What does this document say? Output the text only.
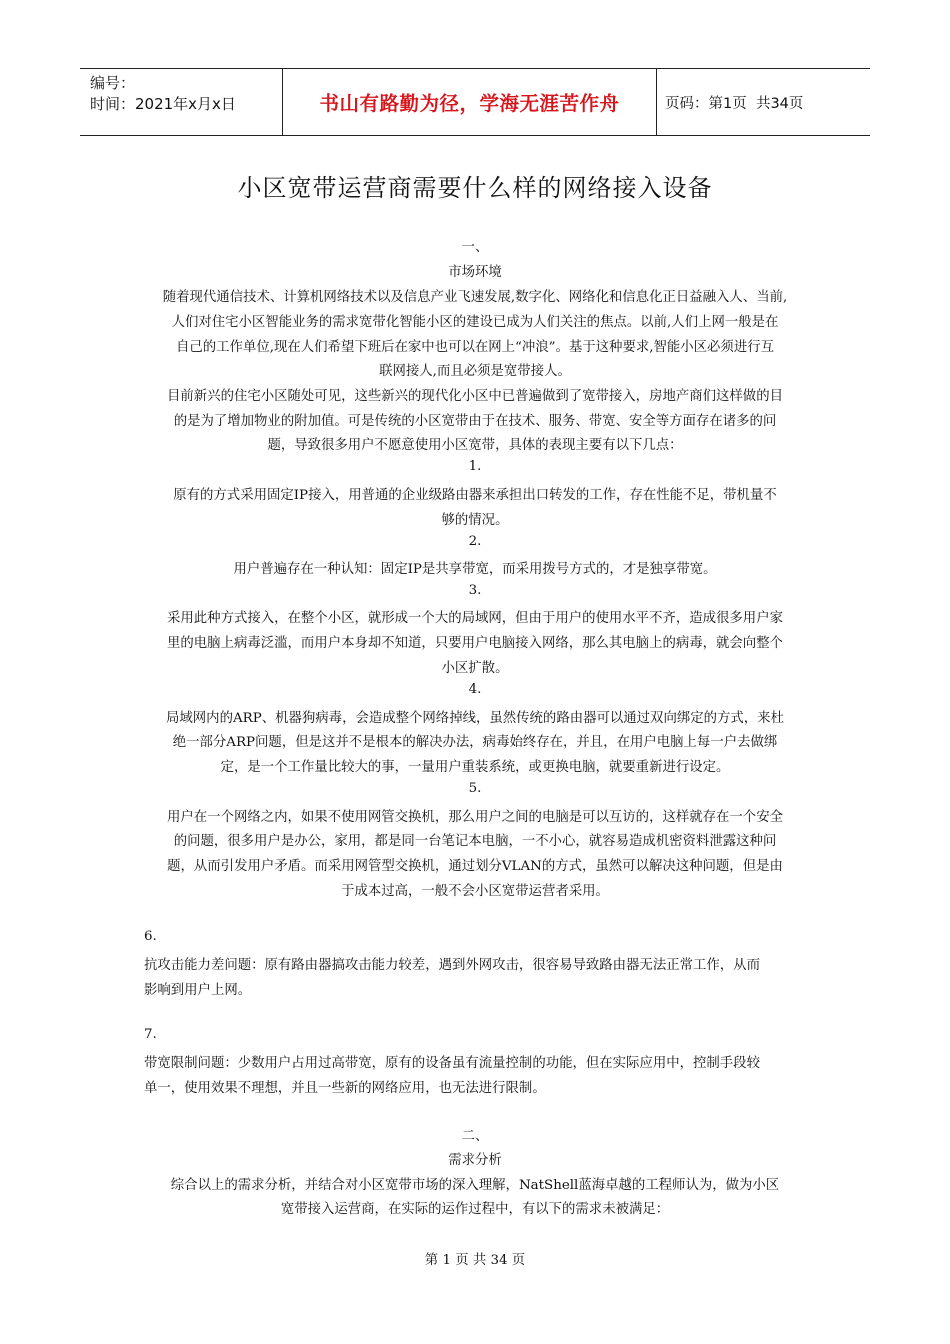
编号：
时间：2021年x月x日	书山有路勤为径，学海无涯苦作舟	页码：第1页  共34页
小区宽带运营商需要什么样的网络接入设备
一、
市场环境
随着现代通信技术、计算机网络技术以及信息产业飞速发展,数字化、网络化和信息化正日益融入人、当前,
人们对住宅小区智能业务的需求宽带化智能小区的建设已成为人们关注的焦点。以前,人们上网一般是在
自己的工作单位,现在人们希望下班后在家中也可以在网上“冲浪”。基于这种要求,智能小区必须进行互
联网接人,而且必须是宽带接人。
目前新兴的住宅小区随处可见，这些新兴的现代化小区中已普遍做到了宽带接入，房地产商们这样做的目
的是为了增加物业的附加值。可是传统的小区宽带由于在技术、服务、带宽、安全等方面存在诸多的问
题，导致很多用户不愿意使用小区宽带，具体的表现主要有以下几点：
1.
原有的方式采用固定IP接入，用普通的企业级路由器来承担出口转发的工作，存在性能不足，带机量不
够的情况。
2.
用户普遍存在一种认知：固定IP是共享带宽，而采用拨号方式的，才是独享带宽。
3.
采用此种方式接入，在整个小区，就形成一个大的局域网，但由于用户的使用水平不齐，造成很多用户家
里的电脑上病毒泛滥，而用户本身却不知道，只要用户电脑接入网络，那么其电脑上的病毒，就会向整个
小区扩散。
4.
局域网内的ARP、机器狗病毒，会造成整个网络掉线，虽然传统的路由器可以通过双向绑定的方式，来杜
绝一部分ARP问题，但是这并不是根本的解决办法，病毒始终存在，并且，在用户电脑上每一户去做绑
定，是一个工作量比较大的事，一量用户重装系统，或更换电脑，就要重新进行设定。
5.
用户在一个网络之内，如果不使用网管交换机，那么用户之间的电脑是可以互访的，这样就存在一个安全
的问题，很多用户是办公，家用，都是同一台笔记本电脑，一不小心，就容易造成机密资料泄露这种问
题，从而引发用户矛盾。而采用网管型交换机，通过划分VLAN的方式，虽然可以解决这种问题，但是由
于成本过高，一般不会小区宽带运营者采用。
6.
抗攻击能力差问题：原有路由器搞攻击能力较差，遇到外网攻击，很容易导致路由器无法正常工作，从而
影响到用户上网。
7.
带宽限制问题：少数用户占用过高带宽，原有的设备虽有流量控制的功能，但在实际应用中，控制手段较
单一，使用效果不理想，并且一些新的网络应用，也无法进行限制。
二、
需求分析
综合以上的需求分析，并结合对小区宽带市场的深入理解，NatShell蓝海卓越的工程师认为，做为小区
宽带接入运营商，在实际的运作过程中，有以下的需求未被满足：
第 1 页 共 34 页
